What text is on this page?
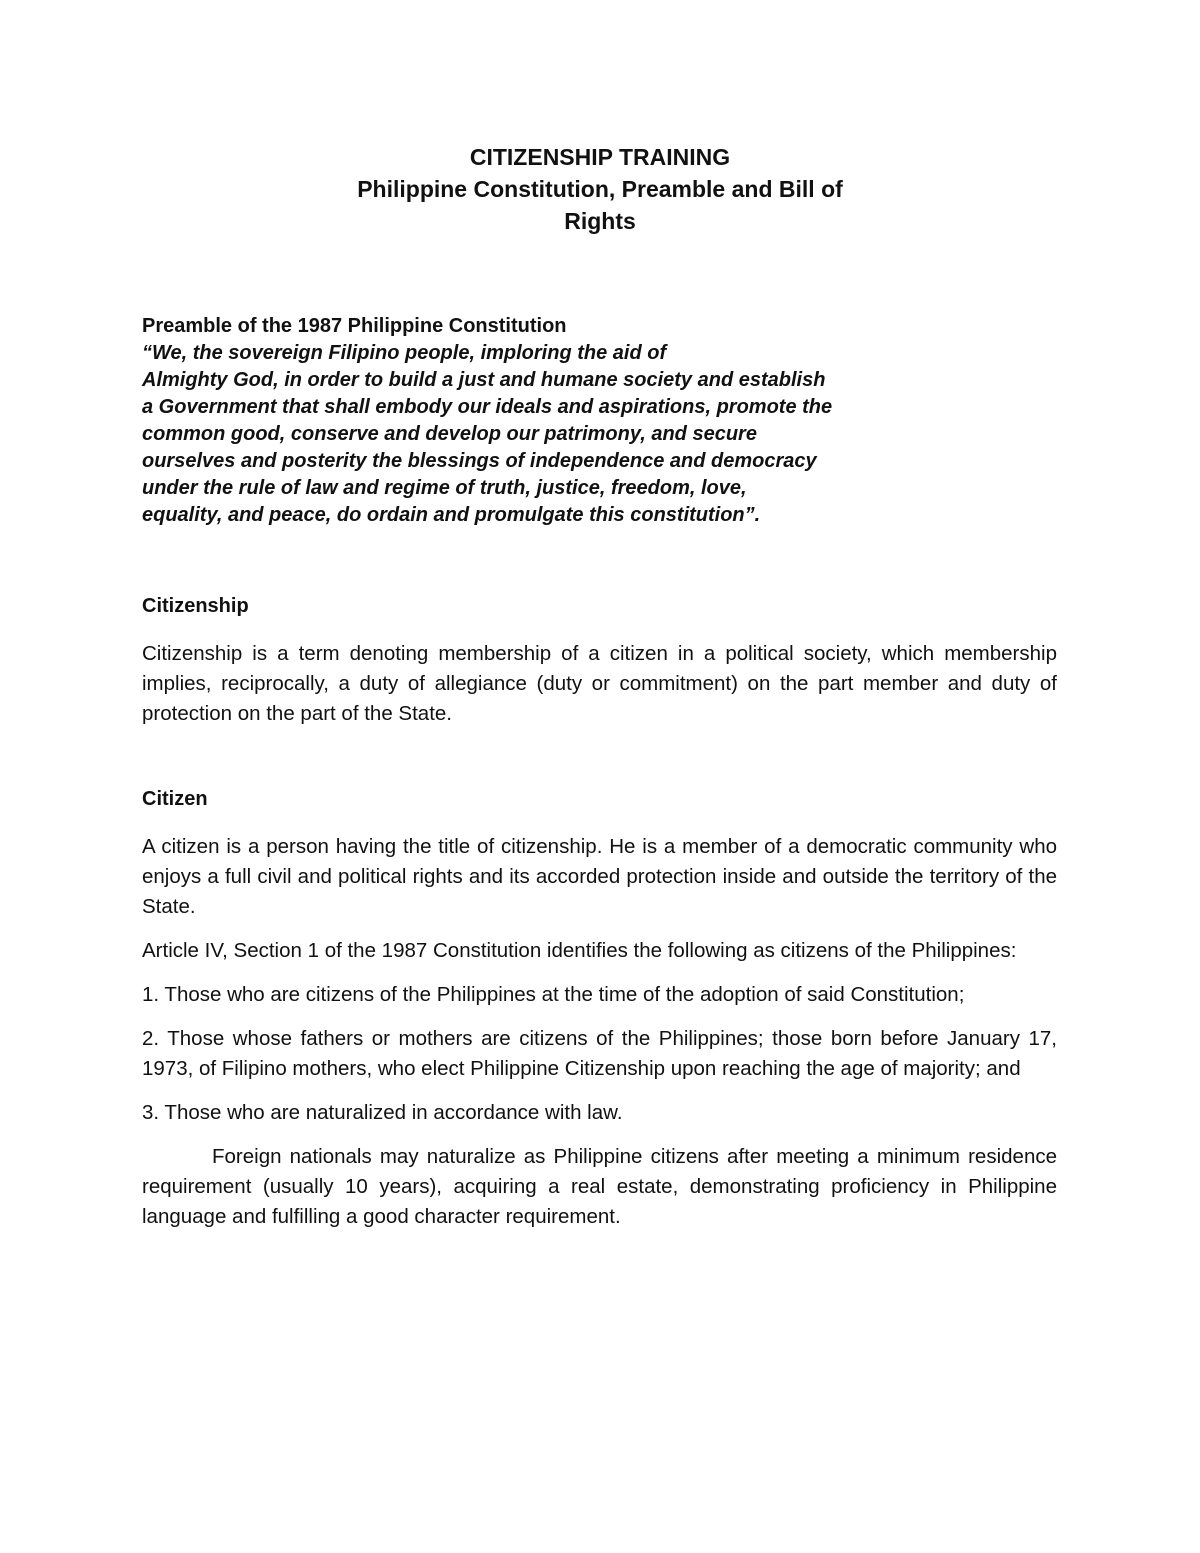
CITIZENSHIP TRAINING
Philippine Constitution, Preamble and Bill of
Rights

Preamble of the 1987 Philippine Constitution

“We, the sovereign Filipino people, imploring the aid of
Almighty God, in order to build a just and humane society and establish
a Government that shall embody our ideals and aspirations, promote the
common good, conserve and develop our patrimony, and secure
ourselves and posterity the blessings of independence and democracy
under the rule of law and regime of truth, justice, freedom, love,
equality, and peace, do ordain and promulgate this constitution”.

Citizenship

Citizenship is a term denoting membership of a citizen in a political society, which membership implies, reciprocally, a duty of allegiance (duty or commitment) on the part member and duty of protection on the part of the State.

Citizen

A citizen is a person having the title of citizenship. He is a member of a democratic community who enjoys a full civil and political rights and its accorded protection inside and outside the territory of the State.

Article IV, Section 1 of the 1987 Constitution identifies the following as citizens of the Philippines:

1. Those who are citizens of the Philippines at the time of the adoption of said Constitution;

2. Those whose fathers or mothers are citizens of the Philippines; those born before January 17, 1973, of Filipino mothers, who elect Philippine Citizenship upon reaching the age of majority; and

3. Those who are naturalized in accordance with law.

Foreign nationals may naturalize as Philippine citizens after meeting a minimum residence requirement (usually 10 years), acquiring a real estate, demonstrating proficiency in Philippine language and fulfilling a good character requirement.
